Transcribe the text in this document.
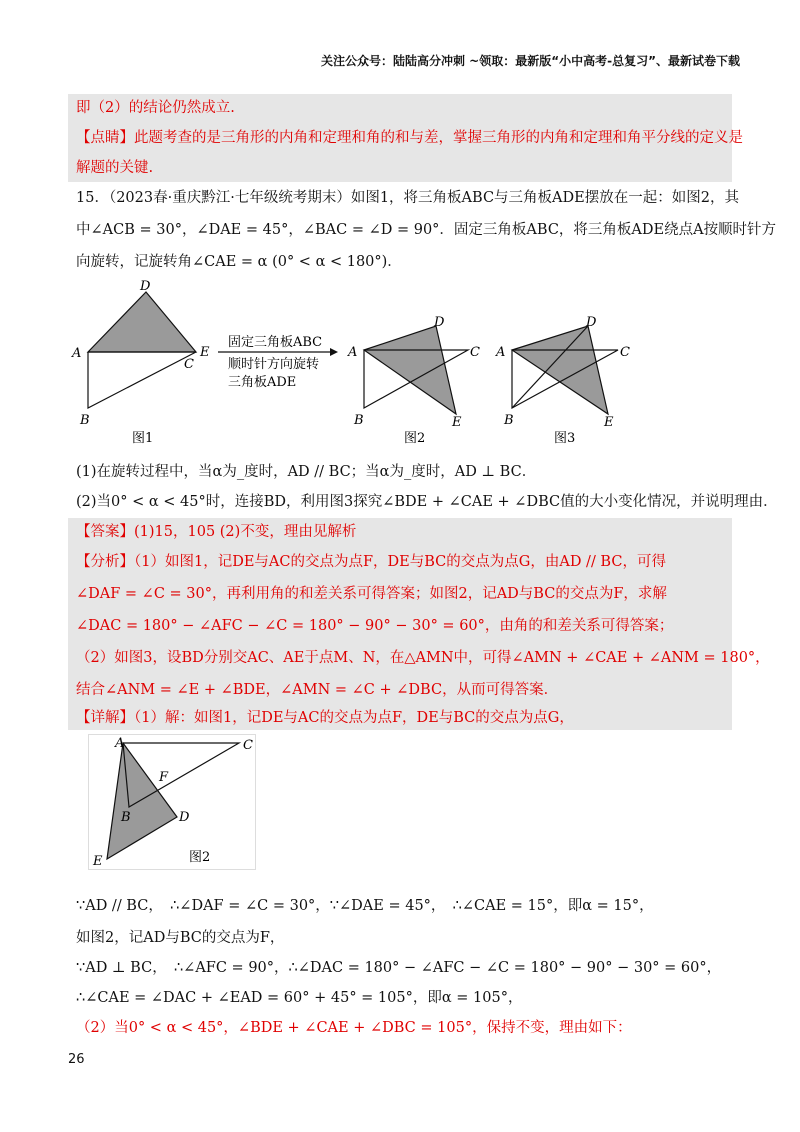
关注公众号：陆陆高分冲刺 ~领取：最新版“小中高考-总复习”、最新试卷下载
即（2）的结论仍然成立.
【点睛】此题考查的是三角形的内角和定理和角的和与差，掌握三角形的内角和定理和角平分线的定义是
解题的关键.
15．（2023春·重庆黔江·七年级统考期末）如图1，将三角板ABC与三角板ADE摆放在一起：如图2，其
中∠ACB = 30°，∠DAE = 45°，∠BAC = ∠D = 90°．固定三角板ABC，将三角板ADE绕点A按顺时针方
向旋转，记旋转角∠CAE = α (0° < α < 180°)．
D
A	E
C
B
图1
固定三角板ABC
顺时针方向旋转
三角板ADE
D
A	C
B	E
图2
D
A	C
B	E
图3
(1)在旋转过程中，当α为_度时，AD // BC；当α为_度时，AD ⊥ BC．
(2)当0° < α < 45°时，连接BD，利用图3探究∠BDE + ∠CAE + ∠DBC值的大小变化情况，并说明理由．
【答案】(1)15，105 (2)不变，理由见解析
【分析】（1）如图1，记DE与AC的交点为点F，DE与BC的交点为点G，由AD // BC，可得
∠DAF = ∠C = 30°，再利用角的和差关系可得答案；如图2，记AD与BC的交点为F，求解
∠DAC = 180° − ∠AFC − ∠C = 180° − 90° − 30° = 60°，由角的和差关系可得答案；
（2）如图3，设BD分别交AC、AE于点M、N，在△AMN中，可得∠AMN + ∠CAE + ∠ANM = 180°，
结合∠ANM = ∠E + ∠BDE，∠AMN = ∠C + ∠DBC，从而可得答案．
【详解】（1）解：如图1，记DE与AC的交点为点F，DE与BC的交点为点G，
A	C
F
B	D
E	图2
∵AD // BC，　∴∠DAF = ∠C = 30°，∵∠DAE = 45°，　∴∠CAE = 15°，即α = 15°，
如图2，记AD与BC的交点为F，
∵AD ⊥ BC，　∴∠AFC = 90°，∴∠DAC = 180° − ∠AFC − ∠C = 180° − 90° − 30° = 60°，
∴∠CAE = ∠DAC + ∠EAD = 60° + 45° = 105°，即α = 105°，
（2）当0° < α < 45°，∠BDE + ∠CAE + ∠DBC = 105°，保持不变，理由如下：
26
